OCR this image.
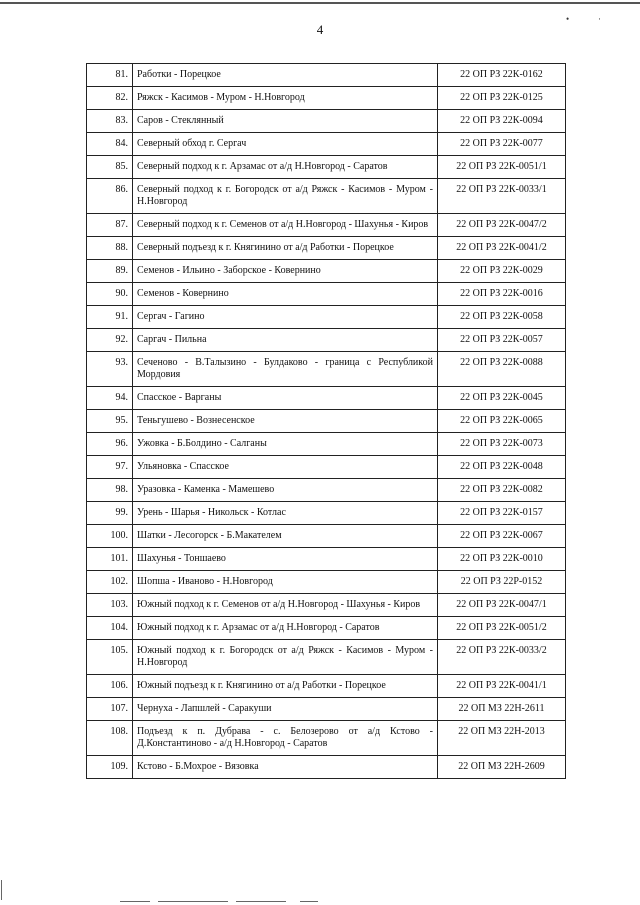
4
•	·
81.	Работки - Порецкое	22 ОП РЗ 22К-0162
82.	Ряжск - Касимов - Муром - Н.Новгород	22 ОП РЗ 22К-0125
83.	Саров - Стеклянный	22 ОП РЗ 22К-0094
84.	Северный обход г. Сергач	22 ОП РЗ 22К-0077
85.	Северный подход к г. Арзамас от а/д Н.Новгород - Саратов	22 ОП РЗ 22К-0051/1
86.	Северный подход к г. Богородск от а/д Ряжск - Касимов - Муром - Н.Новгород	22 ОП РЗ 22К-0033/1
87.	Северный подход к г. Семенов от а/д Н.Новгород - Шахунья - Киров	22 ОП РЗ 22К-0047/2
88.	Северный подъезд к г. Княгинино от а/д Работки - Порецкое	22 ОП РЗ 22К-0041/2
89.	Семенов - Ильино - Заборское - Ковернино	22 ОП РЗ 22К-0029
90.	Семенов - Ковернино	22 ОП РЗ 22К-0016
91.	Сергач - Гагино	22 ОП РЗ 22К-0058
92.	Саргач - Пильна	22 ОП РЗ 22К-0057
93.	Сеченово - В.Талызино - Булдаково - граница с Республикой Мордовия	22 ОП РЗ 22К-0088
94.	Спасское - Варганы	22 ОП РЗ 22К-0045
95.	Теньгушево - Вознесенское	22 ОП РЗ 22К-0065
96.	Ужовка - Б.Болдино - Салганы	22 ОП РЗ 22К-0073
97.	Ульяновка - Спасское	22 ОП РЗ 22К-0048
98.	Уразовка - Каменка - Мамешево	22 ОП РЗ 22К-0082
99.	Урень - Шарья - Никольск - Котлас	22 ОП РЗ 22К-0157
100.	Шатки - Лесогорск - Б.Макателем	22 ОП РЗ 22К-0067
101.	Шахунья - Тоншаево	22 ОП РЗ 22К-0010
102.	Шопша - Иваново - Н.Новгород	22 ОП РЗ 22Р-0152
103.	Южный подход к г. Семенов от а/д Н.Новгород - Шахунья - Киров	22 ОП РЗ 22К-0047/1
104.	Южный подход к г. Арзамас от а/д Н.Новгород - Саратов	22 ОП РЗ 22К-0051/2
105.	Южный подход к г. Богородск от а/д Ряжск - Касимов - Муром - Н.Новгород	22 ОП РЗ 22К-0033/2
106.	Южный подъезд к г. Княгинино от а/д Работки - Порецкое	22 ОП РЗ 22К-0041/1
107.	Чернуха - Лапшлей - Саракуши	22 ОП МЗ 22Н-2611
108.	Подъезд к п. Дубрава - с. Белозерово от а/д Кстово - Д.Константиново - а/д Н.Новгород - Саратов	22 ОП МЗ 22Н-2013
109.	Кстово - Б.Мохрое - Вязовка	22 ОП МЗ 22Н-2609
